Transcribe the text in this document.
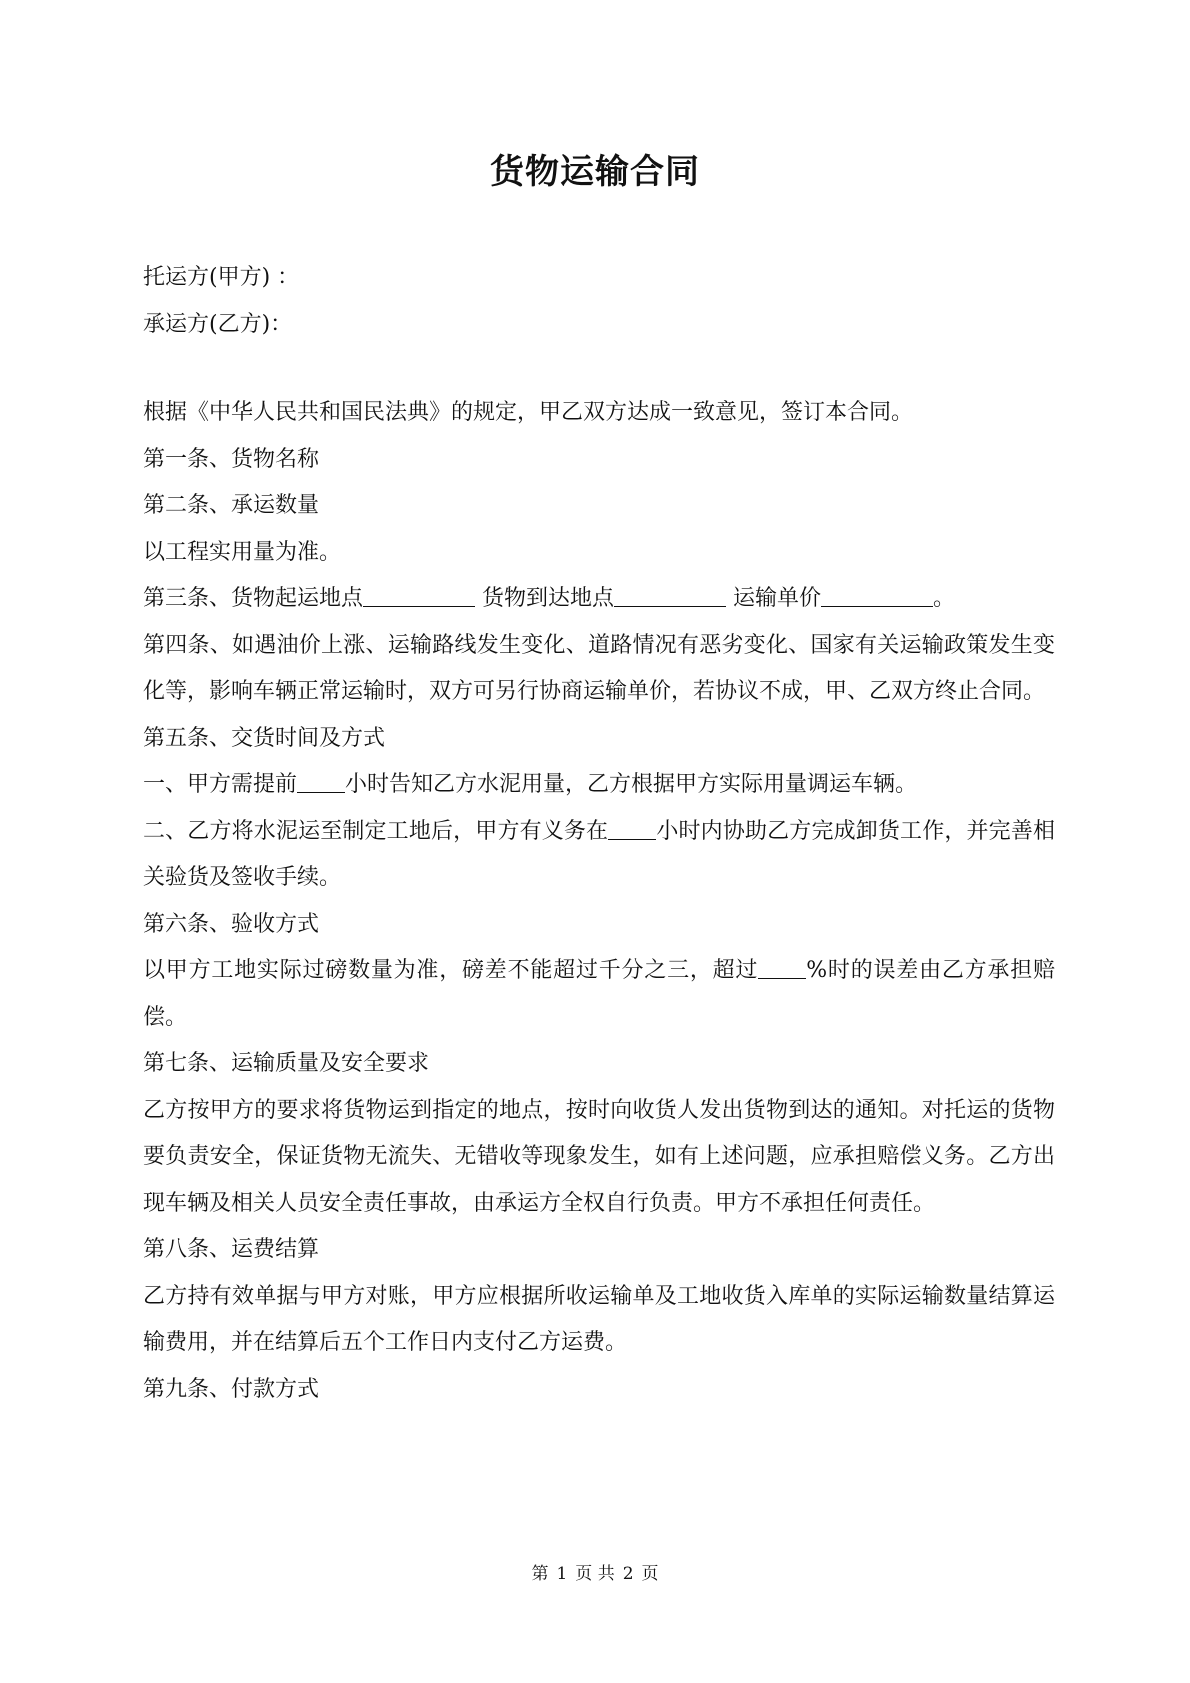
货物运输合同

托运方(甲方) ：

承运方(乙方)：

根据《中华人民共和国民法典》的规定，甲乙双方达成一致意见，签订本合同。

第一条、货物名称

第二条、承运数量

以工程实用量为准。

第三条、货物起运地点	货物到达地点	运输单价	。

第四条、如遇油价上涨、运输路线发生变化、道路情况有恶劣变化、国家有关运输政策发生变化等，影响车辆正常运输时，双方可另行协商运输单价，若协议不成，甲、乙双方终止合同。

第五条、交货时间及方式

一、甲方需提前 小时告知乙方水泥用量，乙方根据甲方实际用量调运车辆。

二、乙方将水泥运至制定工地后，甲方有义务在 小时内协助乙方完成卸货工作，并完善相关验货及签收手续。

第六条、验收方式

以甲方工地实际过磅数量为准，磅差不能超过千分之三，超过 %时的误差由乙方承担赔偿。

第七条、运输质量及安全要求

乙方按甲方的要求将货物运到指定的地点，按时向收货人发出货物到达的通知。对托运的货物要负责安全，保证货物无流失、无错收等现象发生，如有上述问题，应承担赔偿义务。乙方出现车辆及相关人员安全责任事故，由承运方全权自行负责。甲方不承担任何责任。

第八条、运费结算

乙方持有效单据与甲方对账，甲方应根据所收运输单及工地收货入库单的实际运输数量结算运输费用，并在结算后五个工作日内支付乙方运费。

第九条、付款方式

第 1 页 共 2 页
